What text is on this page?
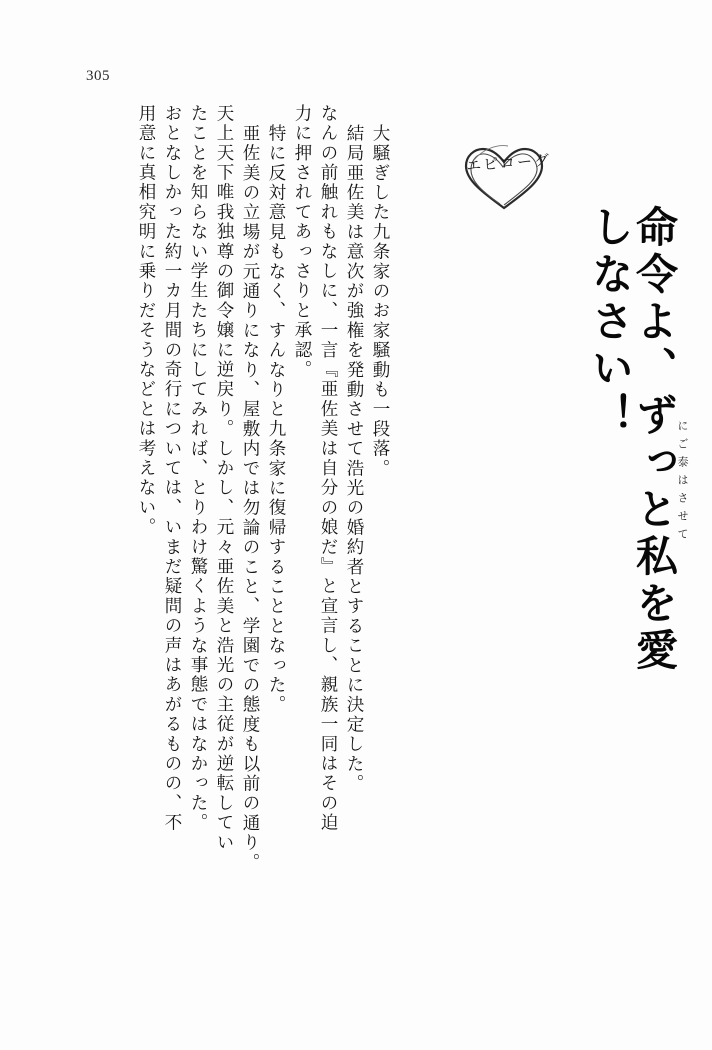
305
エピローグ
命令よ、ずっと私を愛しなさい！
にご泰はさせて
大騒ぎした九条家のお家騒動も一段落。
結局亜佐美は意次が強権を発動させて浩光の婚約者とすることに決定した。
なんの前触れもなしに、一言『亜佐美は自分の娘だ』と宣言し、親族一同はその迫
力に押されてあっさりと承認。
特に反対意見もなく、すんなりと九条家に復帰することとなった。
亜佐美の立場が元通りになり、屋敷内では勿論のこと、学園での態度も以前の通り。
天上天下唯我独尊の御令嬢に逆戻り。しかし、元々亜佐美と浩光の主従が逆転してい
たことを知らない学生たちにしてみれば、とりわけ驚くような事態ではなかった。
おとなしかった約一カ月間の奇行については、いまだ疑問の声はあがるものの、不
用意に真相究明に乗りだそうなどとは考えない。
